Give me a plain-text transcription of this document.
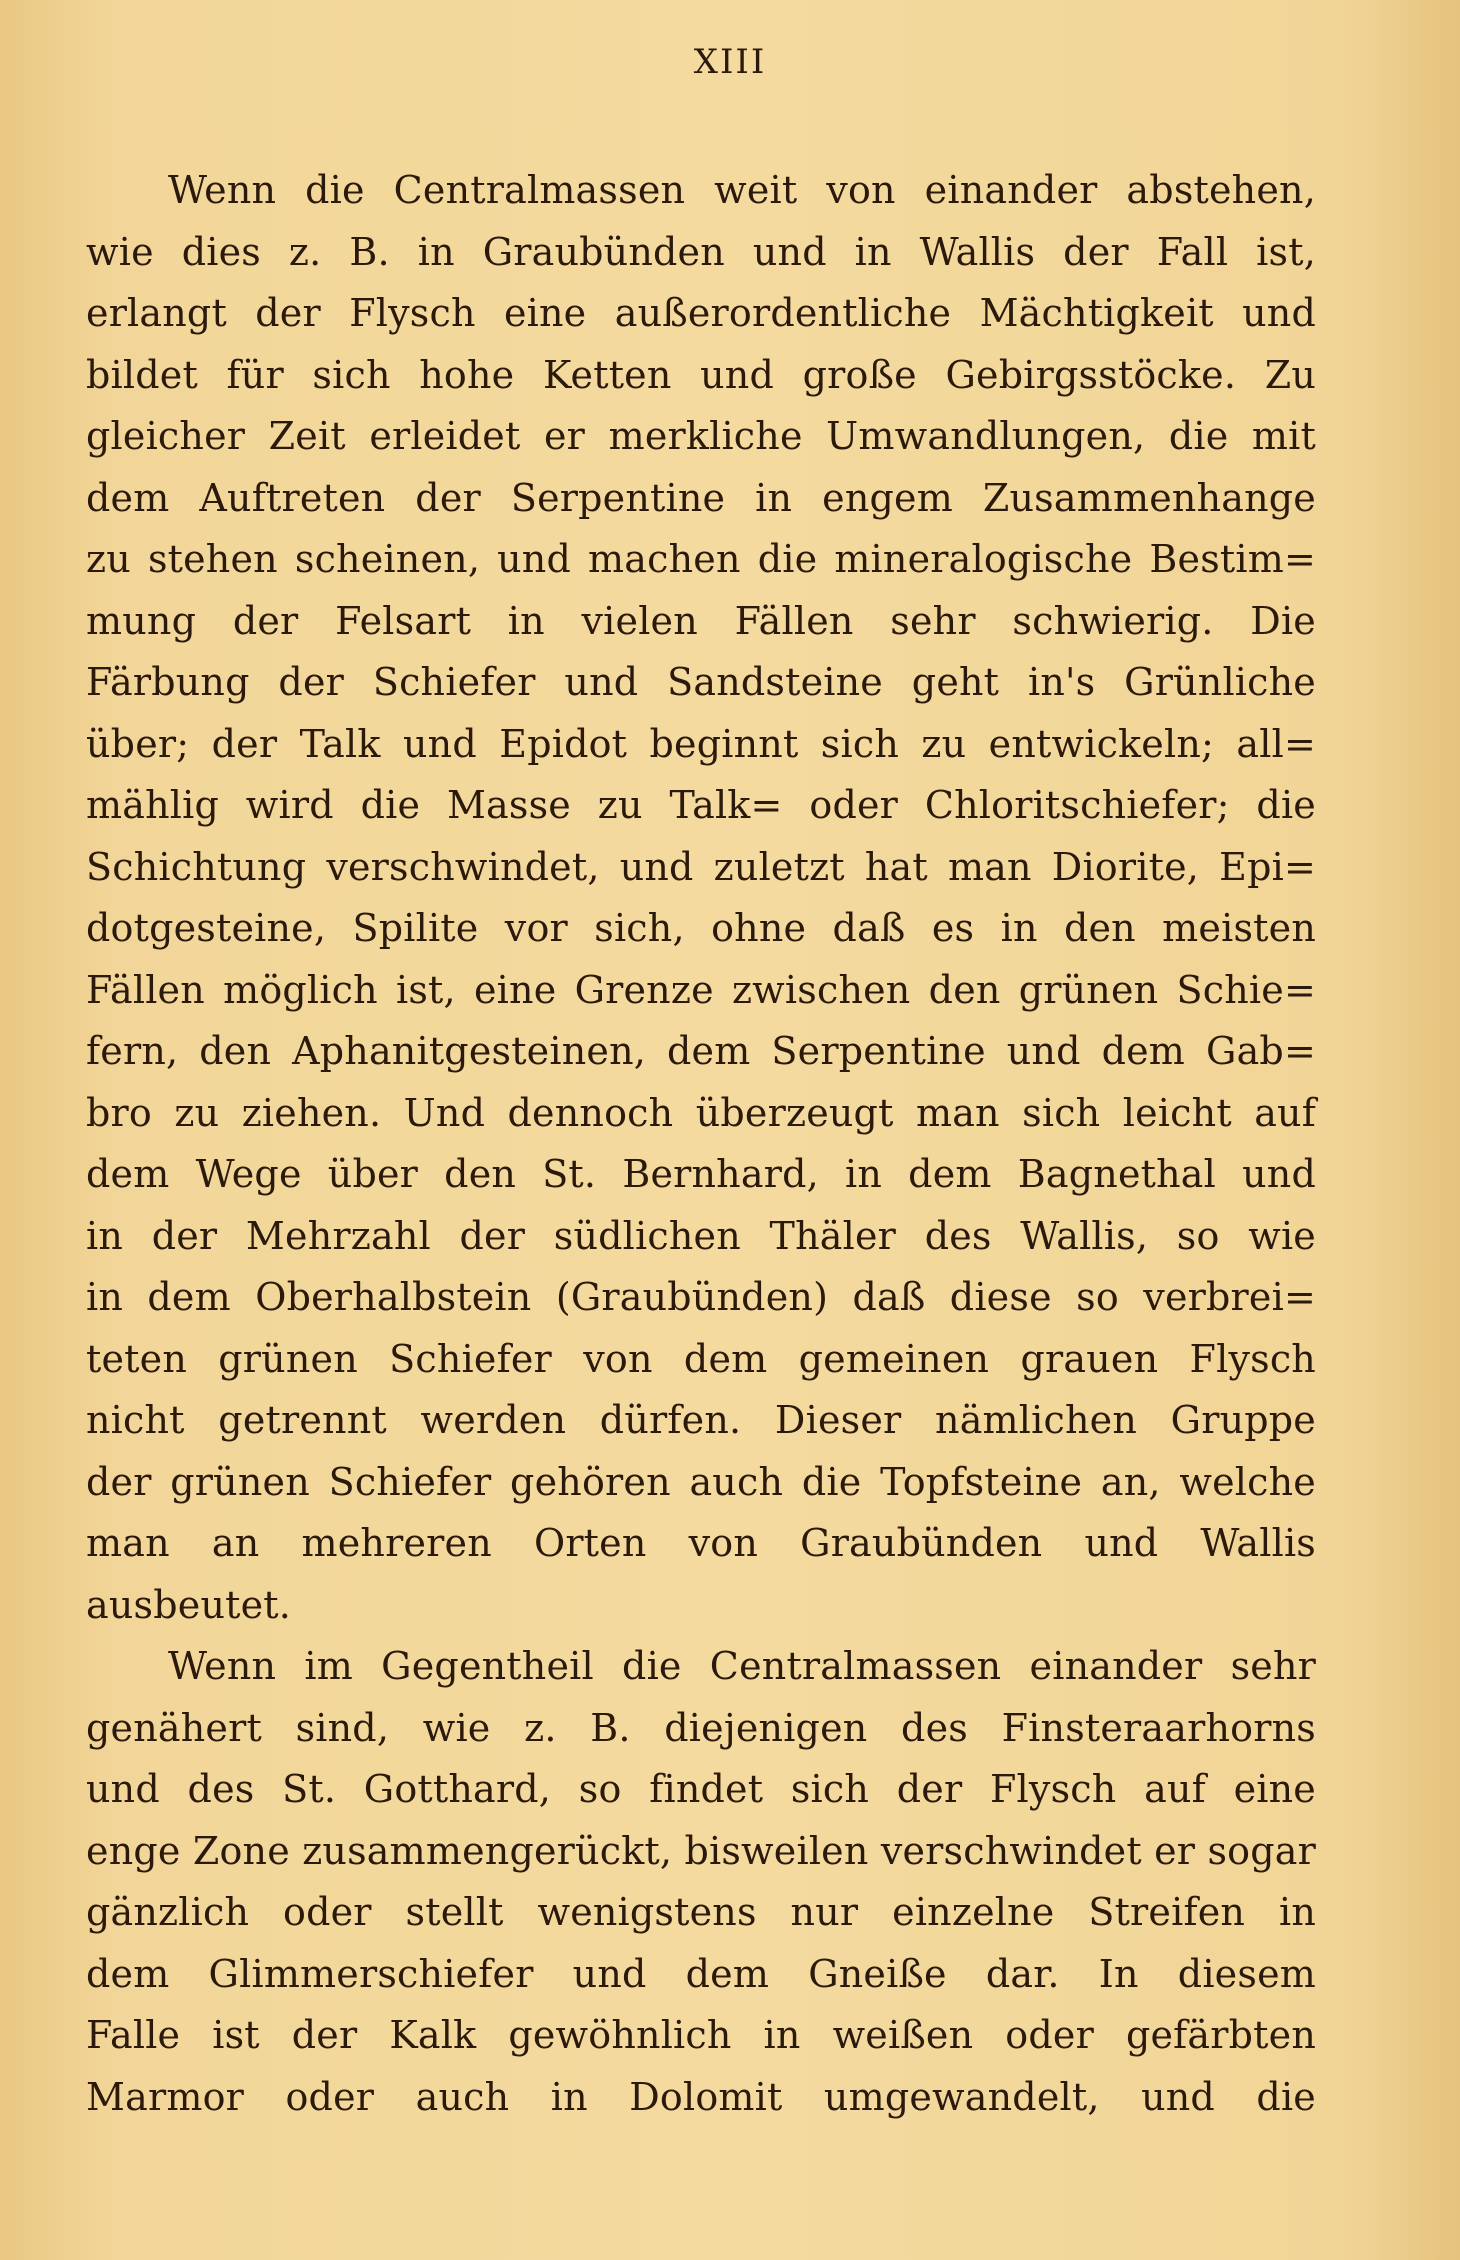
XIII
Wenn die Centralmassen weit von einander abstehen,
wie dies z. B. in Graubünden und in Wallis der Fall ist,
erlangt der Flysch eine außerordentliche Mächtigkeit und
bildet für sich hohe Ketten und große Gebirgsstöcke. Zu
gleicher Zeit erleidet er merkliche Umwandlungen, die mit
dem Auftreten der Serpentine in engem Zusammenhange
zu stehen scheinen, und machen die mineralogische Bestim=
mung der Felsart in vielen Fällen sehr schwierig. Die
Färbung der Schiefer und Sandsteine geht in's Grünliche
über; der Talk und Epidot beginnt sich zu entwickeln; all=
mählig wird die Masse zu Talk= oder Chloritschiefer; die
Schichtung verschwindet, und zuletzt hat man Diorite, Epi=
dotgesteine, Spilite vor sich, ohne daß es in den meisten
Fällen möglich ist, eine Grenze zwischen den grünen Schie=
fern, den Aphanitgesteinen, dem Serpentine und dem Gab=
bro zu ziehen. Und dennoch überzeugt man sich leicht auf
dem Wege über den St. Bernhard, in dem Bagnethal und
in der Mehrzahl der südlichen Thäler des Wallis, so wie
in dem Oberhalbstein (Graubünden) daß diese so verbrei=
teten grünen Schiefer von dem gemeinen grauen Flysch
nicht getrennt werden dürfen. Dieser nämlichen Gruppe
der grünen Schiefer gehören auch die Topfsteine an, welche
man an mehreren Orten von Graubünden und Wallis
ausbeutet.
Wenn im Gegentheil die Centralmassen einander sehr
genähert sind, wie z. B. diejenigen des Finsteraarhorns
und des St. Gotthard, so findet sich der Flysch auf eine
enge Zone zusammengerückt, bisweilen verschwindet er sogar
gänzlich oder stellt wenigstens nur einzelne Streifen in
dem Glimmerschiefer und dem Gneiße dar. In diesem
Falle ist der Kalk gewöhnlich in weißen oder gefärbten
Marmor oder auch in Dolomit umgewandelt, und die
